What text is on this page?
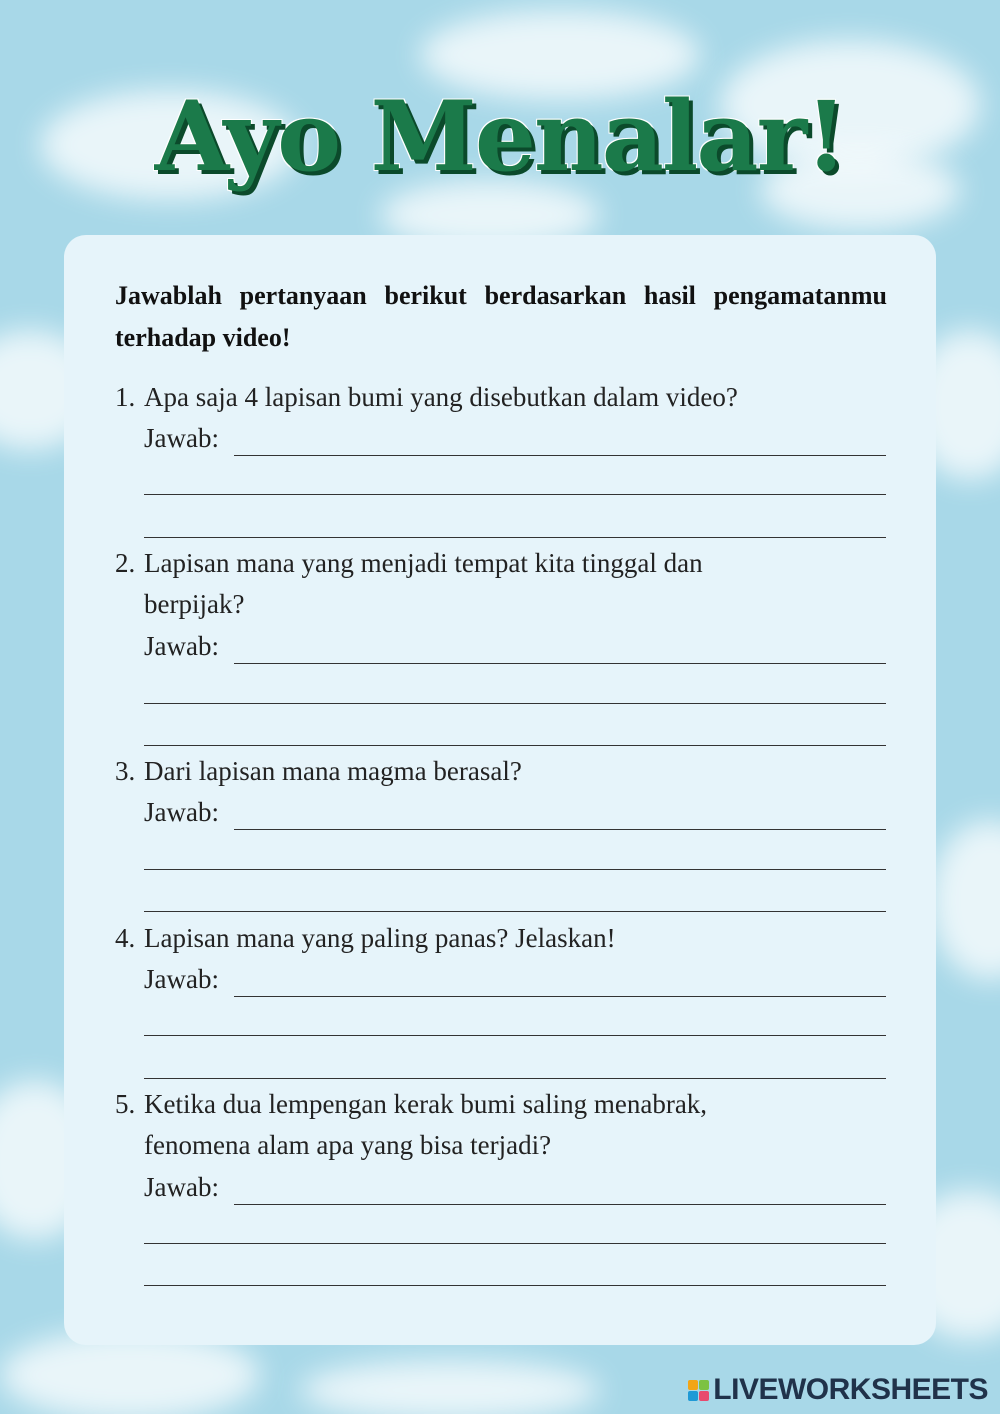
Ayo Menalar!
Jawablah pertanyaan berikut berdasarkan hasil pengamatanmu terhadap video!
1. Apa saja 4 lapisan bumi yang disebutkan dalam video?
Jawab:
2. Lapisan mana yang menjadi tempat kita tinggal dan
berpijak?
Jawab:
3. Dari lapisan mana magma berasal?
Jawab:
4. Lapisan mana yang paling panas? Jelaskan!
Jawab:
5. Ketika dua lempengan kerak bumi saling menabrak,
fenomena alam apa yang bisa terjadi?
Jawab:
LIVEWORKSHEETS
